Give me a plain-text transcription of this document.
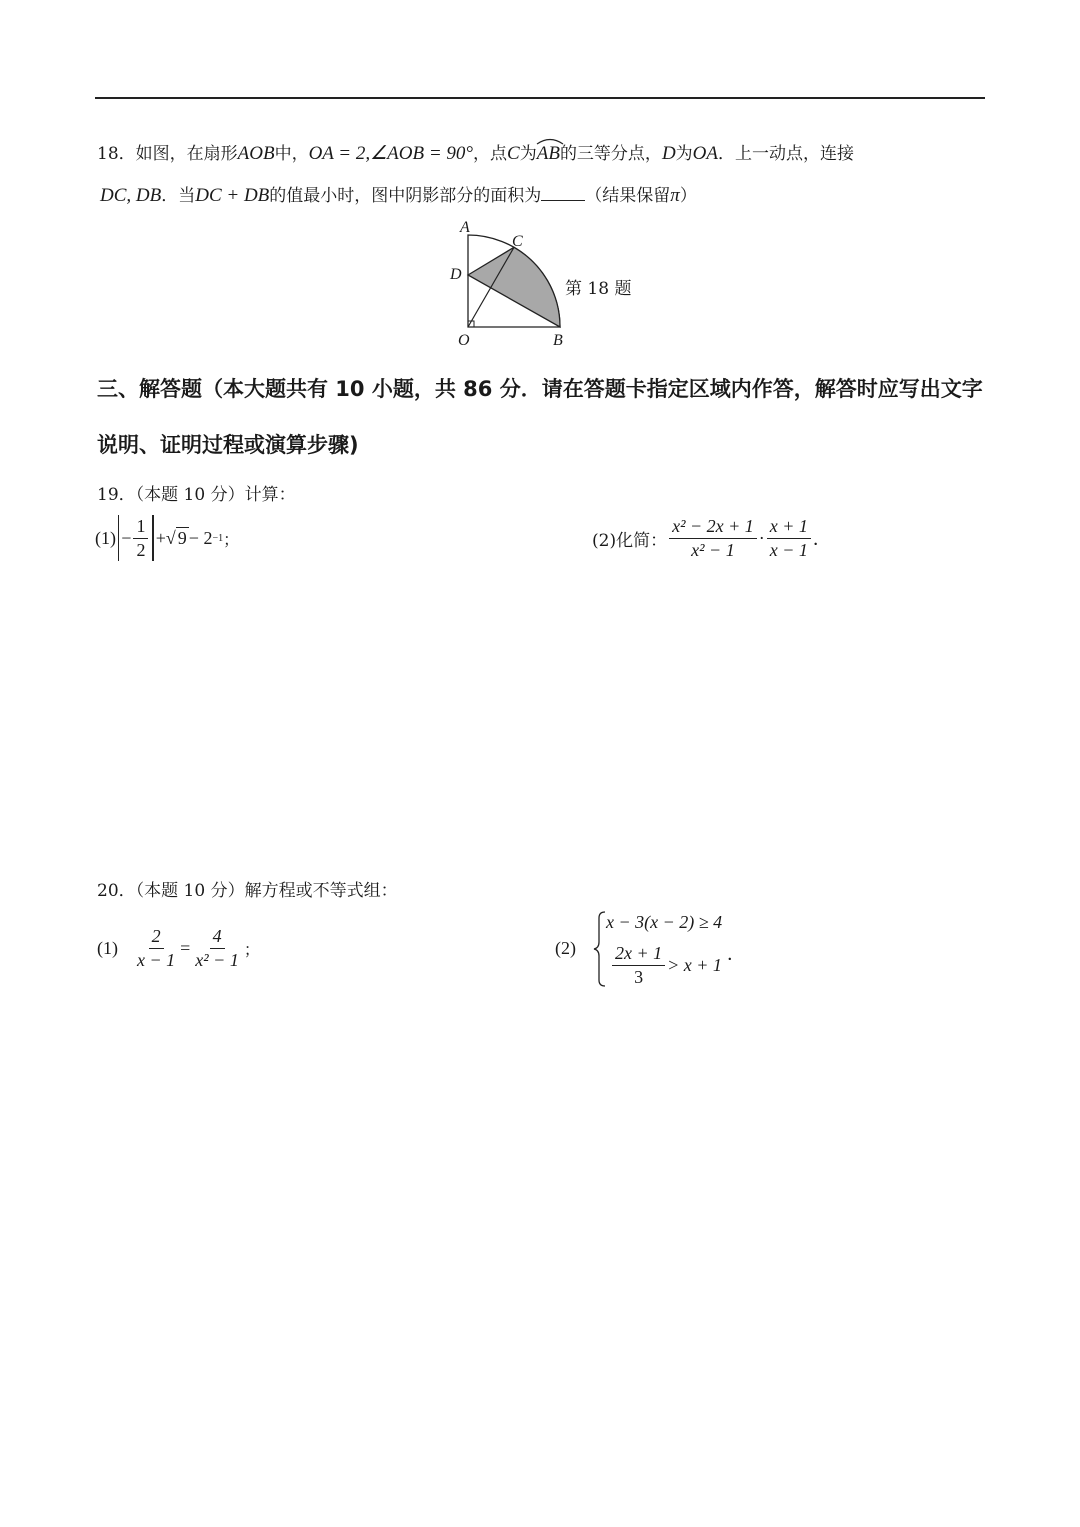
18．如图，在扇形AOB中，OA = 2,∠AOB = 90°，点C为
AB的三等分点，D为OA．上一动点，连接
DC, DB．当DC + DB的值最小时，图中阴影部分的面积为	（结果保留π）
A
C
D
O	B
第 18 题
三、解答题（本大题共有 10 小题，共 86 分．请在答题卡指定区域内作答，解答时应写出文字
说明、证明过程或演算步骤)
19．（本题 10 分）计算：
$(1) - \frac{1}{2}$ + √ 9 − 2 −1 ；	(2)化简： $\frac{\text{x² − 2x + 1}}{\text{x² − 1}} \cdot \frac{x + 1}{x - 1}$ ．
20．（本题 10 分）解方程或不等式组：
$(1) \frac{2}{x - 1} = \frac{4}{\text{x² − 1}}$ ；	(2)
x − 3(x − 2) ≥ 4
$\frac{2x + 1}{3} > x + 1$
．
